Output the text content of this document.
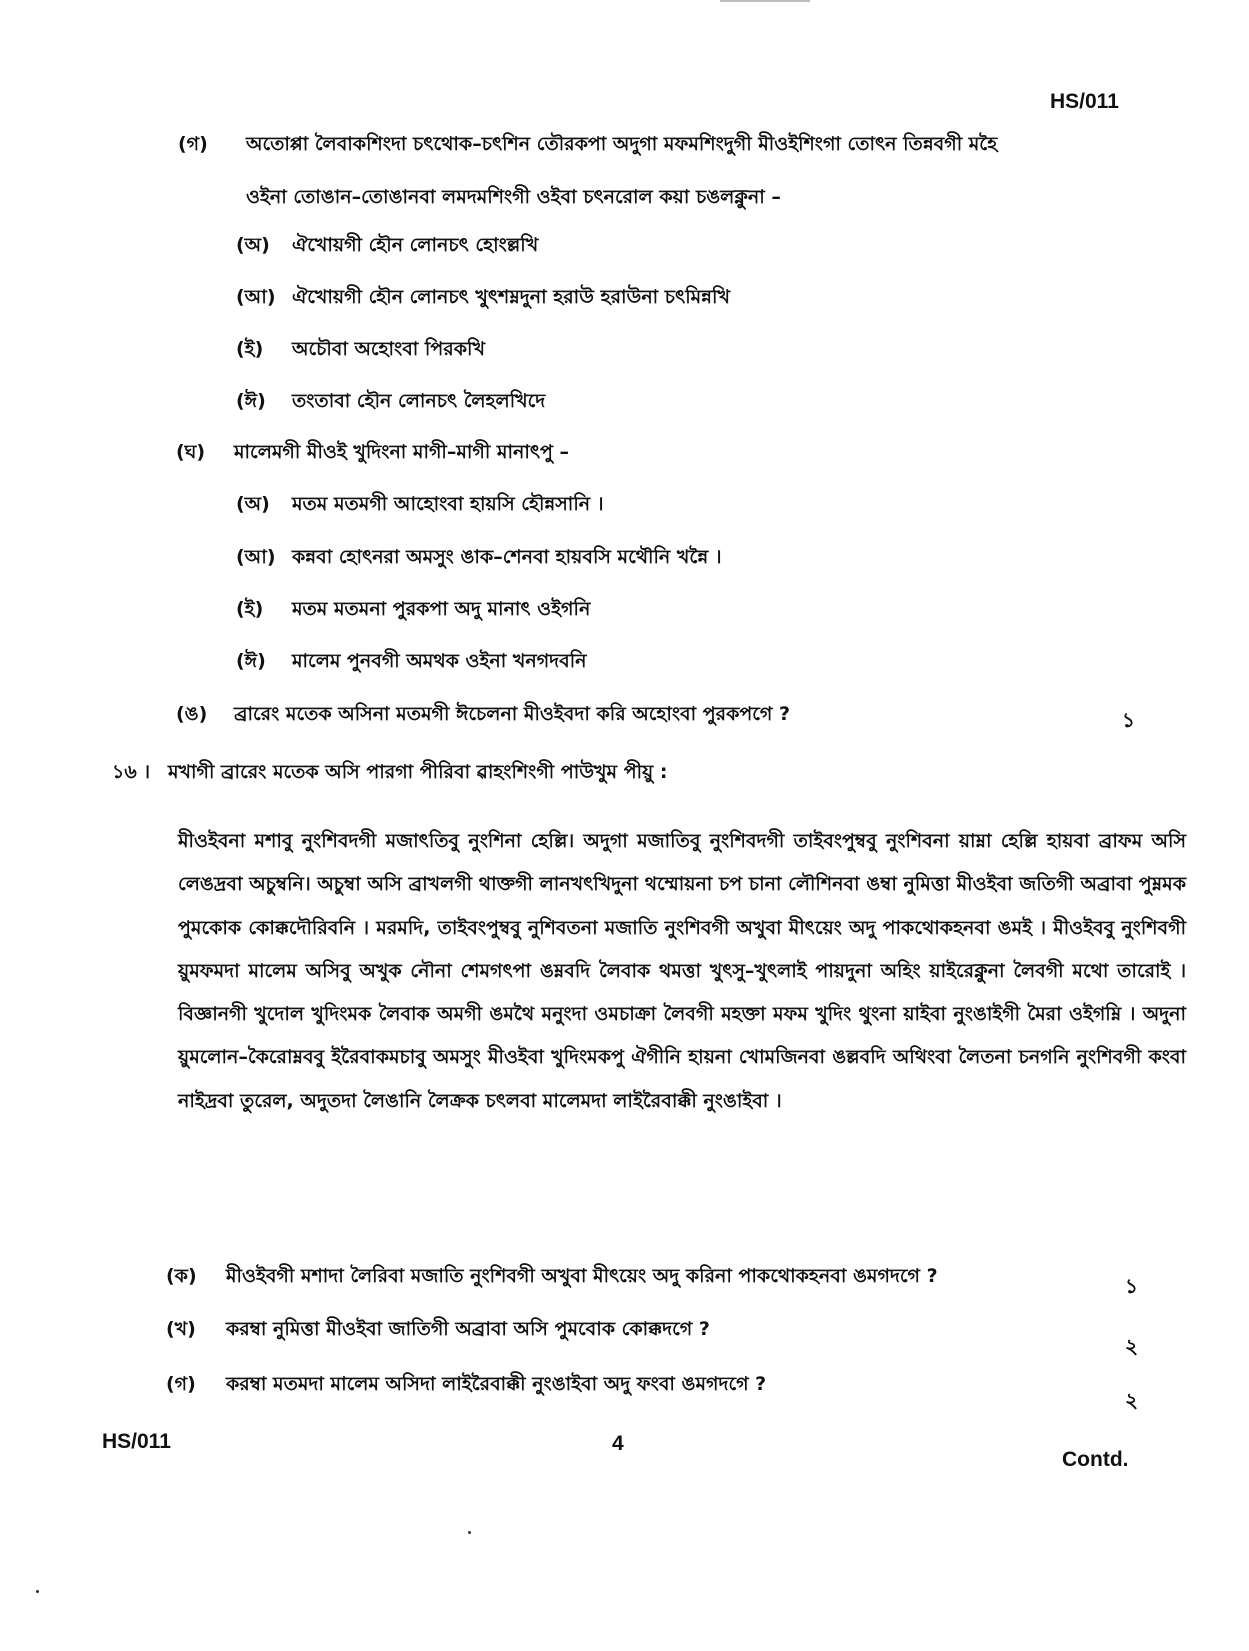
HS/011
(গ) অতোপ্পা লৈবাকশিংদা চৎথোক–চৎশিন তৌরকপা অদুগা মফমশিংদুগী মীওইশিংগা তোৎন তিন্নবগী মহৈ
ওইনা তোঙান–তোঙানবা লমদমশিংগী ওইবা চৎনরোল কয়া চঙলক্নুনা –
(অ) ঐখোয়গী হৌন লোনচৎ হোংল্লখি
(আ) ঐখোয়গী হৌন লোনচৎ খুৎশম্নদুনা হরাউ হরাউনা চৎমিন্নখি
(ই) অচৌবা অহোংবা পিরকখি
(ঈ) তংতাবা হৌন লোনচৎ লৈহলখিদে
(ঘ) মালেমগী মীওই খুদিংনা মাগী–মাগী মানাৎপু –
(অ) মতম মতমগী আহোংবা হায়সি হৌন্নসানি ।
(আ) কন্নবা হোৎনরা অমসুং ঙাক–শেনবা হায়বসি মথৌনি খন্নৈ ।
(ই) মতম মতমনা পুরকপা অদু মানাৎ ওইগনি
(ঈ) মালেম পুনবগী অমথক ওইনা খনগদবনি
(ঙ) ব্রারেং মতেক অসিনা মতমগী ঈচেলনা মীওইবদা করি অহোংবা পুরকপগে ?	১
১৬ । মখাগী ব্রারেং মতেক অসি পারগা পীরিবা ৱাহংশিংগী পাউখুম পীয়ু :
মীওইবনা মশাবু নুংশিবদগী মজাৎতিবু নুংশিনা হেল্লি। অদুগা মজাতিবু নুংশিবদগী তাইবংপুম্ববু নুংশিবনা য়াম্না হেল্লি হায়বা ব্রাফম অসি লেঙদ্রবা অচুম্বনি। অচুম্বা অসি ব্রাখলগী থাক্তগী লানখৎখিদুনা থম্মোয়না চপ চানা লৌশিনবা ঙম্বা নুমিত্তা মীওইবা জতিগী অব্রাবা পুম্নমক পুমকোক কোক্কদৌরিবনি । মরমদি, তাইবংপুম্ববু নুশিবতনা মজাতি নুংশিবগী অখুবা মীৎয়েং অদু পাকথোকহনবা ঙমই । মীওইববু নুংশিবগী য়ুমফমদা মালেম অসিবু অখুক নৌনা শেমগৎপা ঙম্নবদি লৈবাক থমত্তা খুৎসু–খুৎলাই পায়দুনা অহিং য়াইরেক্নুনা লৈবগী মথো তারোই । বিজ্ঞানগী খুদোল খুদিংমক লৈবাক অমগী ঙমথৈ মনুংদা ওমচাক্রা লৈবগী মহক্তা মফম খুদিং থুংনা য়াইবা নুংঙাইগী মৈরা ওইগম্নি । অদুনা য়ুমলোন–কৈরোম্নববু ইরৈবাকমচাবু অমসুং মীওইবা খুদিংমকপু ঐগীনি হায়না খোমজিনবা ঙল্লবদি অথিংবা লৈতনা চনগনি নুংশিবগী কংবা নাইদ্রবা তুরেল, অদুতদা লৈঙানি লৈক্রক চৎলবা মালেমদা লাইরৈবাক্কী নুংঙাইবা ।
(ক) মীওইবগী মশাদা লৈরিবা মজাতি নুংশিবগী অখুবা মীৎয়েং অদু করিনা পাকথোকহনবা ঙমগদগে ?	১
(খ) করম্বা নুমিত্তা মীওইবা জাতিগী অব্রাবা অসি পুমবোক কোক্কদগে ?
২
(গ) করম্বা মতমদা মালেম অসিদা লাইরৈবাক্কী নুংঙাইবা অদু ফংবা ঙমগদগে ?
২
HS/011	4
Contd.
